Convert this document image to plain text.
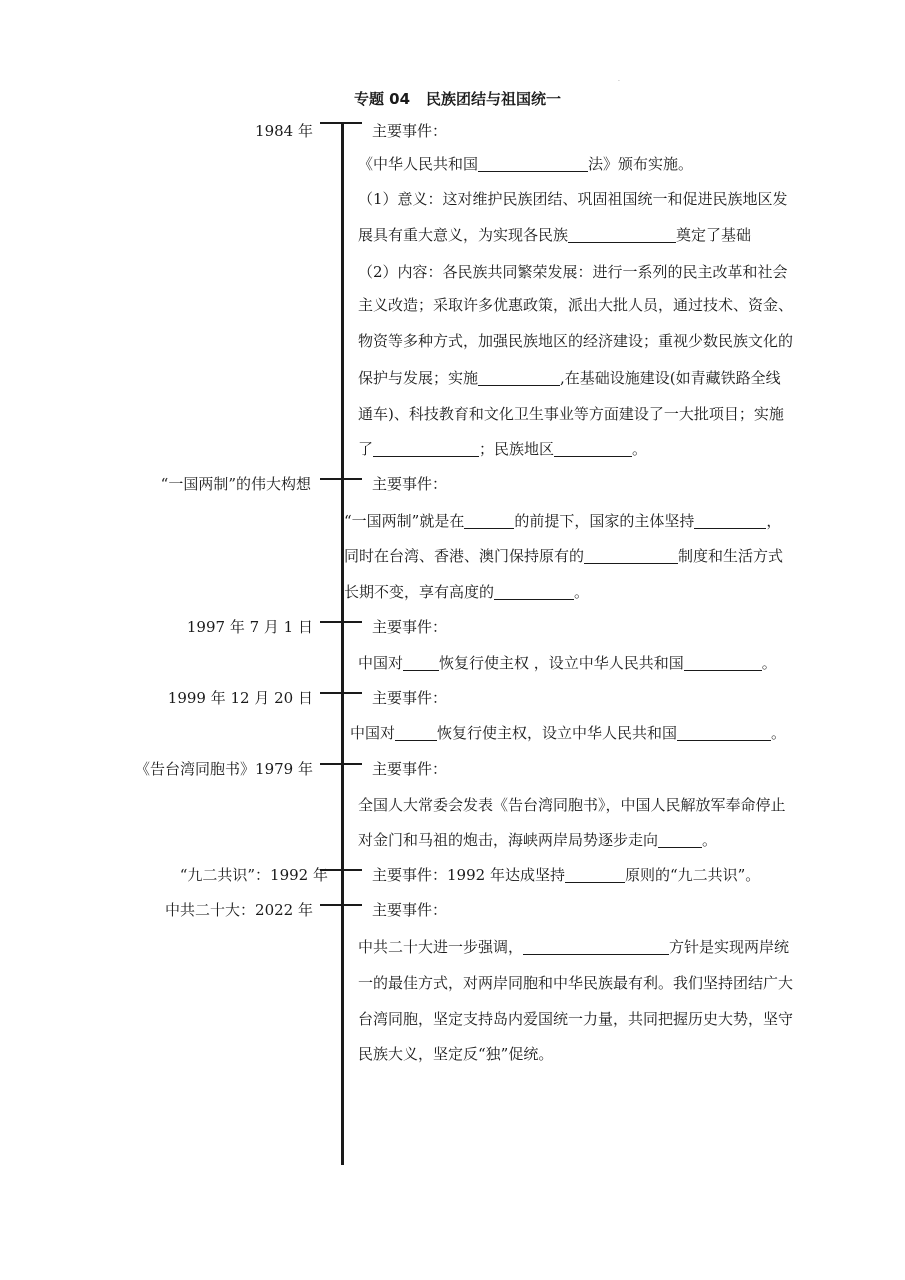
·
专题 04 民族团结与祖国统一
1984 年	主要事件：
《中华人民共和国	法》颁布实施。
（1）意义：这对维护民族团结、巩固祖国统一和促进民族地区发
展具有重大意义，为实现各民族	奠定了基础
（2）内容：各民族共同繁荣发展：进行一系列的民主改革和社会
主义改造；采取许多优惠政策，派出大批人员，通过技术、资金、
物资等多种方式，加强民族地区的经济建设；重视少数民族文化的
保护与发展；实施	,在基础设施建设(如青藏铁路全线
通车)、科技教育和文化卫生事业等方面建设了一大批项目；实施
了	；民族地区	。
“一国两制”的伟大构想	主要事件：
“一国两制”就是在	的前提下，国家的主体坚持	，
同时在台湾、香港、澳门保持原有的	制度和生活方式
长期不变，享有高度的	。
1997 年 7 月 1 日	主要事件：
中国对 恢复行使主权 ，设立中华人民共和国	。
1999 年 12 月 20 日	主要事件：
中国对	恢复行使主权，设立中华人民共和国	。
《告台湾同胞书》1979 年	主要事件：
全国人大常委会发表《告台湾同胞书》，中国人民解放军奉命停止
对金门和马祖的炮击，海峡两岸局势逐步走向	。
“九二共识”：1992 年	主要事件：1992 年达成坚持	原则的“九二共识”。
中共二十大：2022 年	主要事件：
中共二十大进一步强调，	方针是实现两岸统
一的最佳方式，对两岸同胞和中华民族最有利。我们坚持团结广大
台湾同胞，坚定支持岛内爱国统一力量，共同把握历史大势，坚守
民族大义，坚定反“独”促统。
